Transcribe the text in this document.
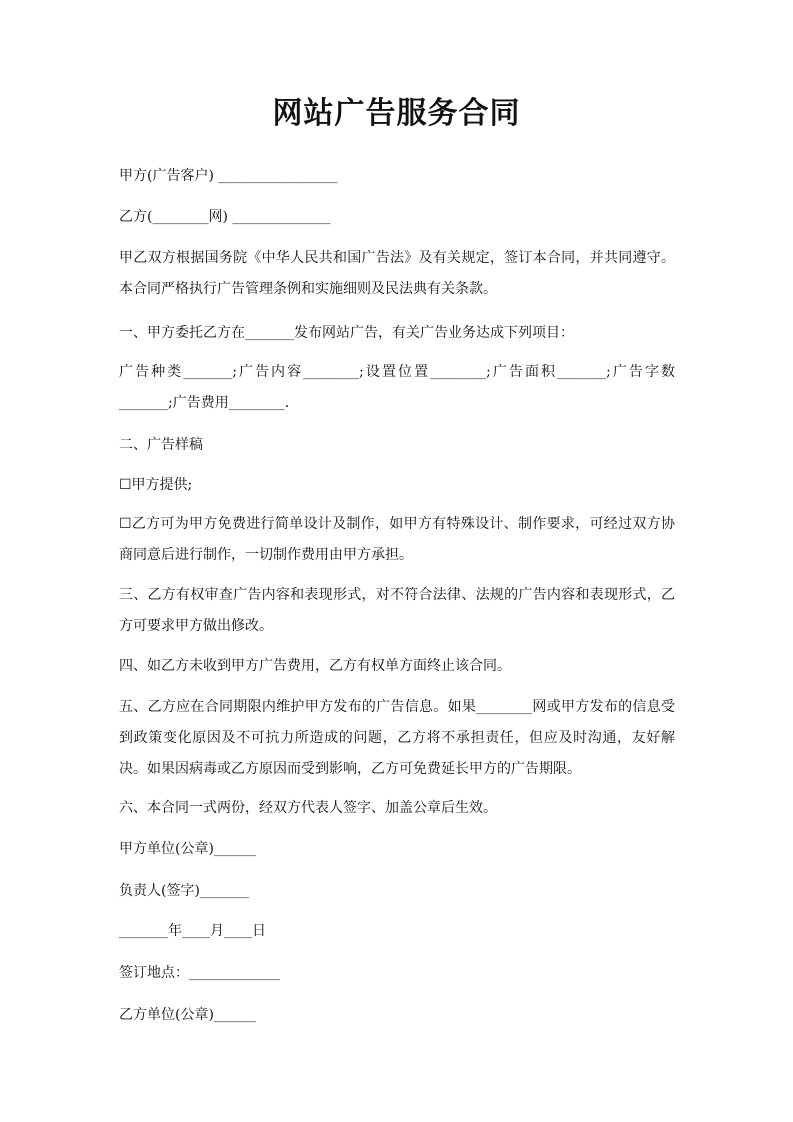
网站广告服务合同
甲方(广告客户) _________________
乙方(________网) ______________
甲乙双方根据国务院《中华人民共和国广告法》及有关规定，签订本合同，并共同遵守。本合同严格执行广告管理条例和实施细则及民法典有关条款。
一、甲方委托乙方在_______发布网站广告，有关广告业务达成下列项目：
广告种类_______;广告内容________;设置位置________;广告面积_______;广告字数_______;广告费用________.
二、广告样稿
☐甲方提供;
☐乙方可为甲方免费进行简单设计及制作，如甲方有特殊设计、制作要求，可经过双方协商同意后进行制作，一切制作费用由甲方承担。
三、乙方有权审查广告内容和表现形式，对不符合法律、法规的广告内容和表现形式，乙方可要求甲方做出修改。
四、如乙方未收到甲方广告费用，乙方有权单方面终止该合同。
五、乙方应在合同期限内维护甲方发布的广告信息。如果________网或甲方发布的信息受到政策变化原因及不可抗力所造成的问题，乙方将不承担责任，但应及时沟通，友好解决。如果因病毒或乙方原因而受到影响，乙方可免费延长甲方的广告期限。
六、本合同一式两份，经双方代表人签字、加盖公章后生效。
甲方单位(公章)______
负责人(签字)_______
_______年____月____日
签订地点：_____________
乙方单位(公章)______
